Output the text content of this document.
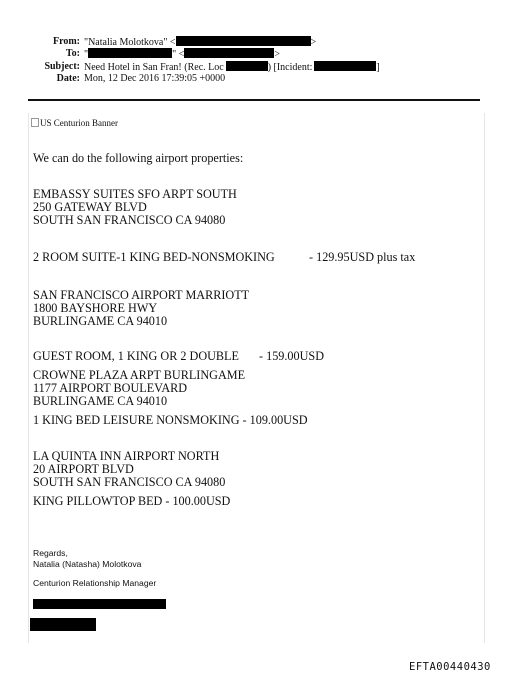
From: "Natalia Molotkova" <	>
To: "	" <	>
Subject: Need Hotel in San Fran! (Rec. Loc	) [Incident:	]
Date: Mon, 12 Dec 2016 17:39:05 +0000
US Centurion Banner
We can do the following airport properties:
EMBASSY SUITES SFO ARPT SOUTH
250 GATEWAY BLVD
SOUTH SAN FRANCISCO CA 94080
2 ROOM SUITE-1 KING BED-NONSMOKING	- 129.95USD plus tax
SAN FRANCISCO AIRPORT MARRIOTT
1800 BAYSHORE HWY
BURLINGAME CA 94010
GUEST ROOM, 1 KING OR 2 DOUBLE - 159.00USD
CROWNE PLAZA ARPT BURLINGAME
1177 AIRPORT BOULEVARD
BURLINGAME CA 94010
1 KING BED LEISURE NONSMOKING - 109.00USD
LA QUINTA INN AIRPORT NORTH
20 AIRPORT BLVD
SOUTH SAN FRANCISCO CA 94080
KING PILLOWTOP BED - 100.00USD
Regards,
Natalia (Natasha) Molotkova
Centurion Relationship Manager
EFTA00440430
